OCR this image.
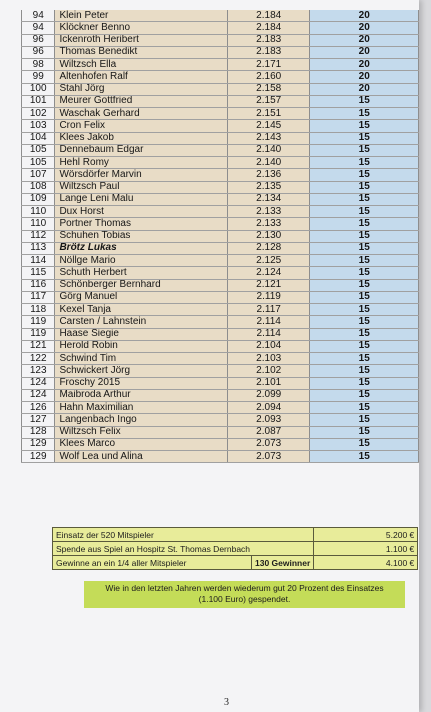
94	Klein Peter	2.184	20
94	Klöckner Benno	2.184	20
96	Ickenroth Heribert	2.183	20
96	Thomas Benedikt	2.183	20
98	Wiltzsch Ella	2.171	20
99	Altenhofen Ralf	2.160	20
100	Stahl Jörg	2.158	20
101	Meurer Gottfried	2.157	15
102	Waschak Gerhard	2.151	15
103	Cron Felix	2.145	15
104	Klees Jakob	2.143	15
105	Dennebaum Edgar	2.140	15
105	Hehl Romy	2.140	15
107	Wörsdörfer Marvin	2.136	15
108	Wiltzsch Paul	2.135	15
109	Lange Leni Malu	2.134	15
110	Dux Horst	2.133	15
110	Portner Thomas	2.133	15
112	Schuhen Tobias	2.130	15
113	Brötz Lukas	2.128	15
114	Nöllge Mario	2.125	15
115	Schuth Herbert	2.124	15
116	Schönberger Bernhard	2.121	15
117	Görg Manuel	2.119	15
118	Kexel Tanja	2.117	15
119	Carsten / Lahnstein	2.114	15
119	Haase Siegie	2.114	15
121	Herold Robin	2.104	15
122	Schwind Tim	2.103	15
123	Schwickert Jörg	2.102	15
124	Froschy 2015	2.101	15
124	Maibroda Arthur	2.099	15
126	Hahn Maximilian	2.094	15
127	Langenbach Ingo	2.093	15
128	Wiltzsch Felix	2.087	15
129	Klees Marco	2.073	15
129	Wolf Lea und Alina	2.073	15
Einsatz der 520 Mitspieler		5.200 €
Spende aus Spiel an Hospitz St. Thomas Dernbach		1.100 €
Gewinne an ein 1/4 aller Mitspieler	130 Gewinner	4.100 €
Wie in den letzten Jahren werden wiederum gut 20 Prozent des Einsatzes
(1.100 Euro) gespendet.
3
